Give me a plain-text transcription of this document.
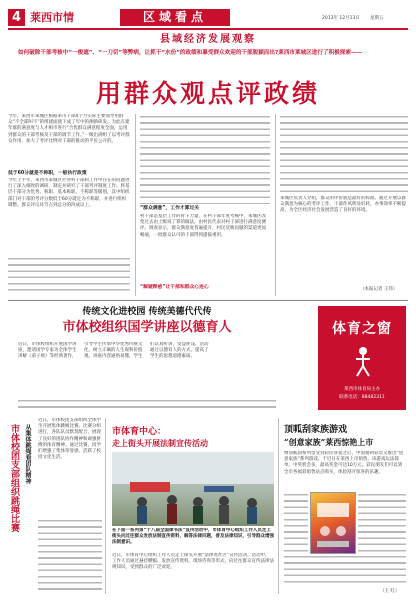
4 莱西市情	区域看点	2013年 12月13日 星期五
县域经济发展观察
如何破除干部考核中“一俊遮”、“一刀切”等弊病，让抓干“水份”的政绩和暴受群众欢迎的干部脱颖而出?莱西市莱城区进行了积极探索——
用群众观点评政绩
今年，莱西市莱城区根据莱市干部4个月实际主要领导用群众“不全部叫不”的组建面使下成了年中的测新研发，为此在建年群的满意度与人才相市进行“合优群众满意程度全面，运用到群众的干部考核及干部的调节工作。”一级出满组了以考评群众作用，加大了考评比例对干部的推动的平民公开的。
低于60分就是不称职，一般执行政策
今年上半年，莱西市莱城区针对村干部和工作中存在的问题进行了深入细致的调研，制定并研究了干部考评制度工作。将基层干部分为优秀、称职、基本称职、不称职等级别，其中组织部门对干部的考评分数低于60分就定为不称职，并进行组织调整。群众评议环节占到总分的四成以上。
“群众满意”，工作才算过关
村干部是基层工作的骨干力量，在村干部年度考核中，莱城区改变过去由上级说了算的做法，由村民代表对村干部进行满意度测评。调查显示，群众满意度普遍提升，村民反映问题的渠道更加畅通，一批群众认可的干部得到提拔重用。
“解疑释惑”让干部和群众心连心
莱城区负责人介绍，群众的评价就是最好的标准。通过开展以群众满意为核心的考评工作，干部作风明显好转，办事效率不断提高，为全区经济社会发展营造了良好的环境。
（本报记者 王伟）
传统文化进校园 传统美德代代传
市体校组织国学讲座以德育人
近日，市体校组织开展国学讲座，邀请国学专家为全体学生讲解《弟子规》等经典著作，引导学生传承中华优秀传统文化，树立正确的人生观和价值观。讲座内容通俗易懂，学生们认真听讲，受益匪浅。活动通过以德育人的方式，提高了学生的思想道德素质。
体育之窗
莱西市体育局主办
联系电话：88482311
市体校团支部组织跳绳比赛 从集体跳绳看团队精神
近日，市体校团支部组织全体学生开展集体跳绳比赛。比赛分组进行，各队队员默契配合，展现了良好的团队协作精神和顽强拼搏的体育精神。通过比赛，同学们增强了集体荣誉感，活跃了校园文化生活。
市体育中心：
走上街头开展法制宣传活动
在下面一系列第“十八届全国律书法”宣传活动中，市体育中心组织工作人员走上街头向过往群众发放法制宣传资料，解答法律问题，普及法律知识，引导群众增强法制意识。
近日，市体育中心组织工作人员走上街头开展“法律进社区”宣传活动。活动中，工作人员通过悬挂横幅、发放宣传资料、现场咨询等形式，向过往群众宣传法律法规知识，受到群众的广泛欢迎。
顶呱刮家族游戏
“创意家族”莱西惊艳上市
继顶呱刮系列票受到彩民喜爱之后，中国福利彩票又推出“创意家族”系列游戏，于近日在莱西上市销售。该游戏玩法简单，中奖机会多，最高奖金可达10万元。彩民朋友们可以到全市各福彩销售站点购买，体验刮开惊喜的乐趣。
（王 红）
